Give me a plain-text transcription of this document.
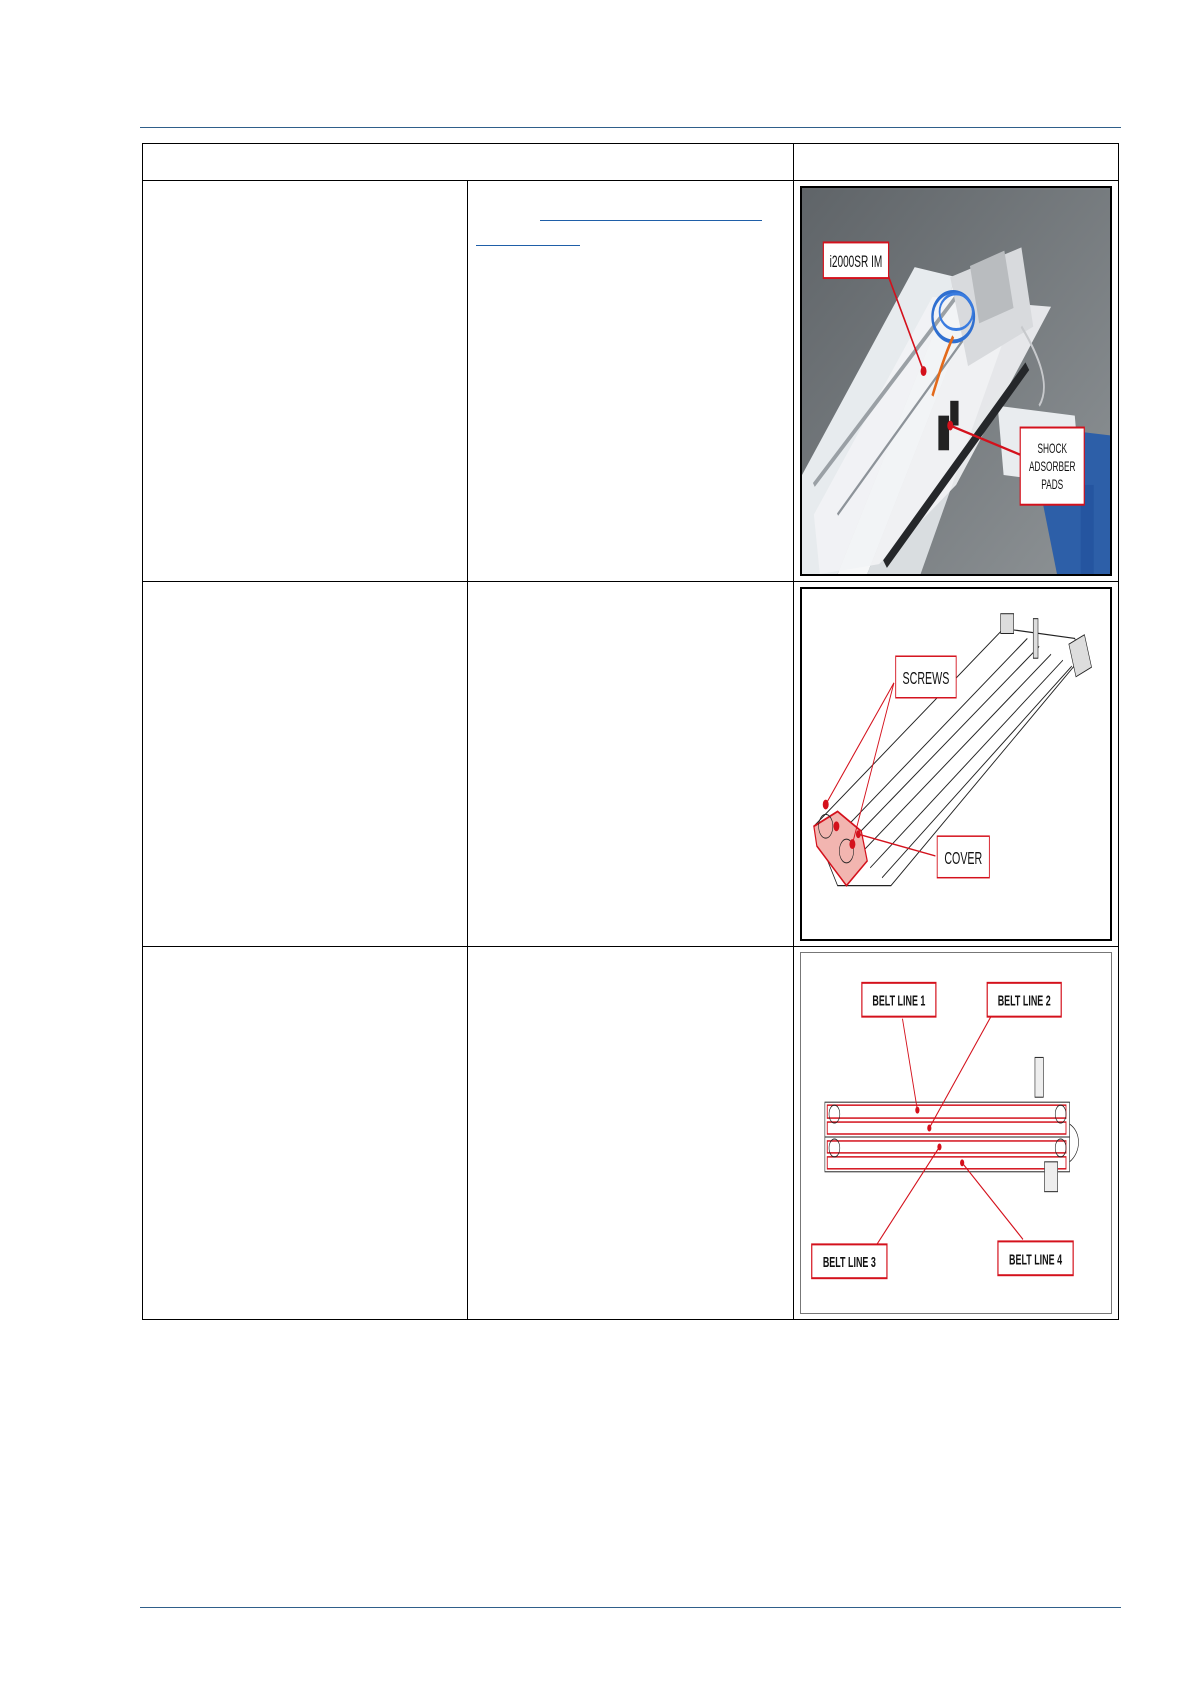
i2000SR IM
SHOCK
ADSORBER
PADS

SCREWS
COVER

BELT LINE 1 BELT LINE 2
BELT LINE 3 BELT LINE 4
